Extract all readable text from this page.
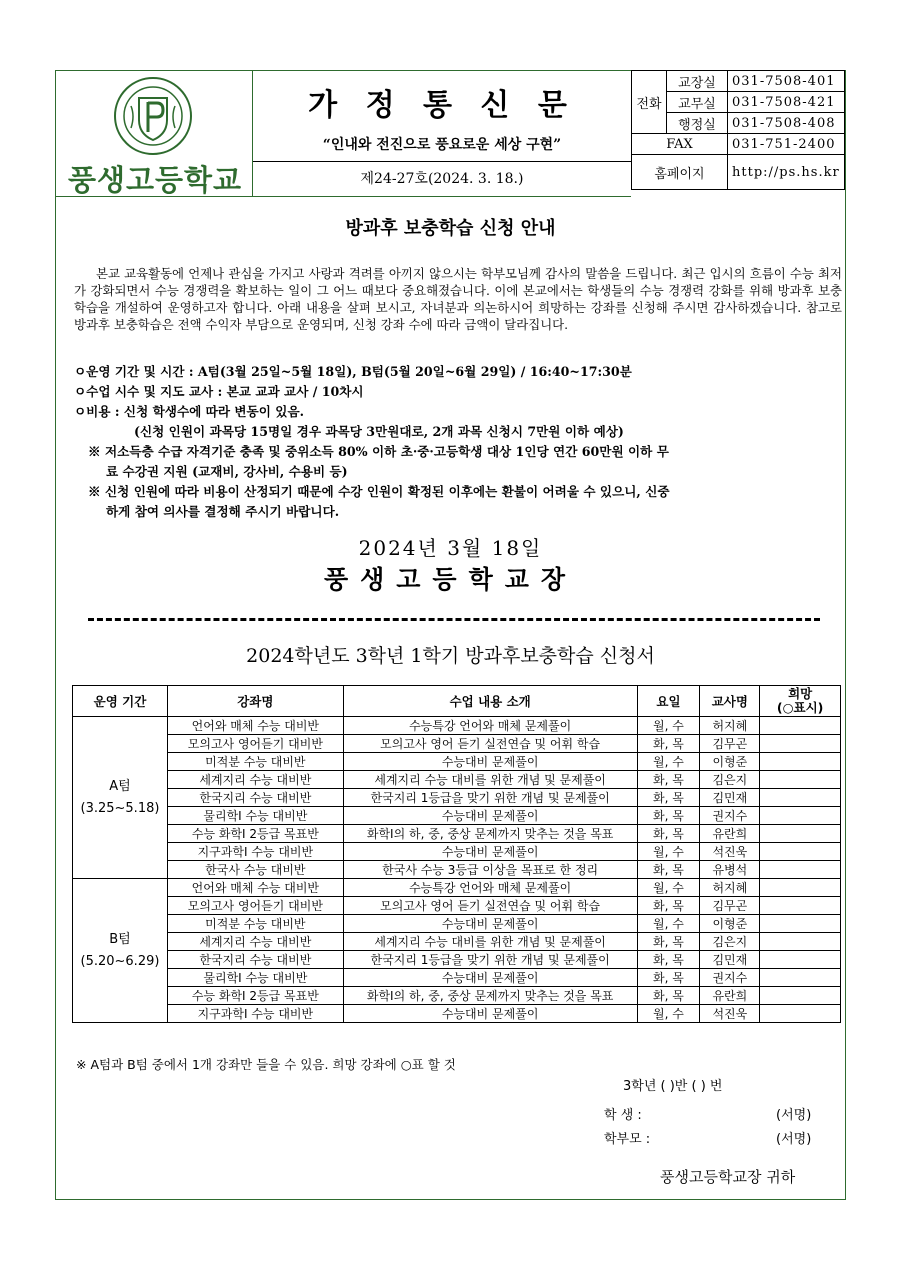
풍생고등학교
가 정 통 신 문
“인내와 전진으로 풍요로운 세상 구현”
제24-27호(2024. 3. 18.)
전화	교장실	031-7508-401
	교무실	031-7508-421
	행정실	031-7508-408
FAX		031-751-2400
홈페이지		http://ps.hs.kr
방과후 보충학습 신청 안내
본교 교육활동에 언제나 관심을 가지고 사랑과 격려를 아끼지 않으시는 학부모님께 감사의 말씀을 드립니다. 최근 입시의 흐름이 수능 최저가 강화되면서 수능 경쟁력을 확보하는 일이 그 어느 때보다 중요해졌습니다. 이에 본교에서는 학생들의 수능 경쟁력 강화를 위해 방과후 보충학습을 개설하여 운영하고자 합니다. 아래 내용을 살펴 보시고, 자녀분과 의논하시어 희망하는 강좌를 신청해 주시면 감사하겠습니다. 참고로 방과후 보충학습은 전액 수익자 부담으로 운영되며, 신청 강좌 수에 따라 금액이 달라집니다.
ㅇ운영 기간 및 시간 : A텀(3월 25일~5월 18일), B텀(5월 20일~6월 29일) / 16:40~17:30분
ㅇ수업 시수 및 지도 교사 : 본교 교과 교사 / 10차시
ㅇ비용 : 신청 학생수에 따라 변동이 있음.
(신청 인원이 과목당 15명일 경우 과목당 3만원대로, 2개 과목 신청시 7만원 이하 예상)
※ 저소득층 수급 자격기준 충족 및 중위소득 80% 이하 초·중·고등학생 대상 1인당 연간 60만원 이하 무
료 수강권 지원 (교재비, 강사비, 수용비 등)
※ 신청 인원에 따라 비용이 산정되기 때문에 수강 인원이 확정된 이후에는 환불이 어려울 수 있으니, 신중
하게 참여 의사를 결정해 주시기 바랍니다.
2024년 3월 18일
풍생고등학교장
2024학년도 3학년 1학기 방과후보충학습 신청서
운영 기간	강좌명	수업 내용 소개	요일	교사명	희망
(○표시)

A텀
(3.25~5.18)	언어와 매체 수능 대비반	수능특강 언어와 매체 문제풀이	월, 수	허지혜	
	모의고사 영어듣기 대비반	모의고사 영어 듣기 실전연습 및 어휘 학습	화, 목	김무곤	
	미적분 수능 대비반	수능대비 문제풀이	월, 수	이형준	
	세계지리 수능 대비반	세계지리 수능 대비를 위한 개념 및 문제풀이	화, 목	김은지	
	한국지리 수능 대비반	한국지리 1등급을 맞기 위한 개념 및 문제풀이	화, 목	김민재	
	물리학Ⅰ 수능 대비반	수능대비 문제풀이	화, 목	권지수	
	수능 화학Ⅰ 2등급 목표반	화학Ⅰ의 하, 중, 중상 문제까지 맞추는 것을 목표	화, 목	유란희	
	지구과학Ⅰ 수능 대비반	수능대비 문제풀이	월, 수	석진욱	
	한국사 수능 대비반	한국사 수능 3등급 이상을 목표로 한 정리	화, 목	유병석	

B텀
(5.20~6.29)	언어와 매체 수능 대비반	수능특강 언어와 매체 문제풀이	월, 수	허지혜	
	모의고사 영어듣기 대비반	모의고사 영어 듣기 실전연습 및 어휘 학습	화, 목	김무곤	
	미적분 수능 대비반	수능대비 문제풀이	월, 수	이형준	
	세계지리 수능 대비반	세계지리 수능 대비를 위한 개념 및 문제풀이	화, 목	김은지	
	한국지리 수능 대비반	한국지리 1등급을 맞기 위한 개념 및 문제풀이	화, 목	김민재	
	물리학Ⅰ 수능 대비반	수능대비 문제풀이	화, 목	권지수	
	수능 화학Ⅰ 2등급 목표반	화학Ⅰ의 하, 중, 중상 문제까지 맞추는 것을 목표	화, 목	유란희	
	지구과학Ⅰ 수능 대비반	수능대비 문제풀이	월, 수	석진욱	
※ A텀과 B텀 중에서 1개 강좌만 들을 수 있음. 희망 강좌에 ○표 할 것
3학년 ( )반 ( ) 번
학 생 :	(서명)
학부모 :	(서명)
풍생고등학교장 귀하
